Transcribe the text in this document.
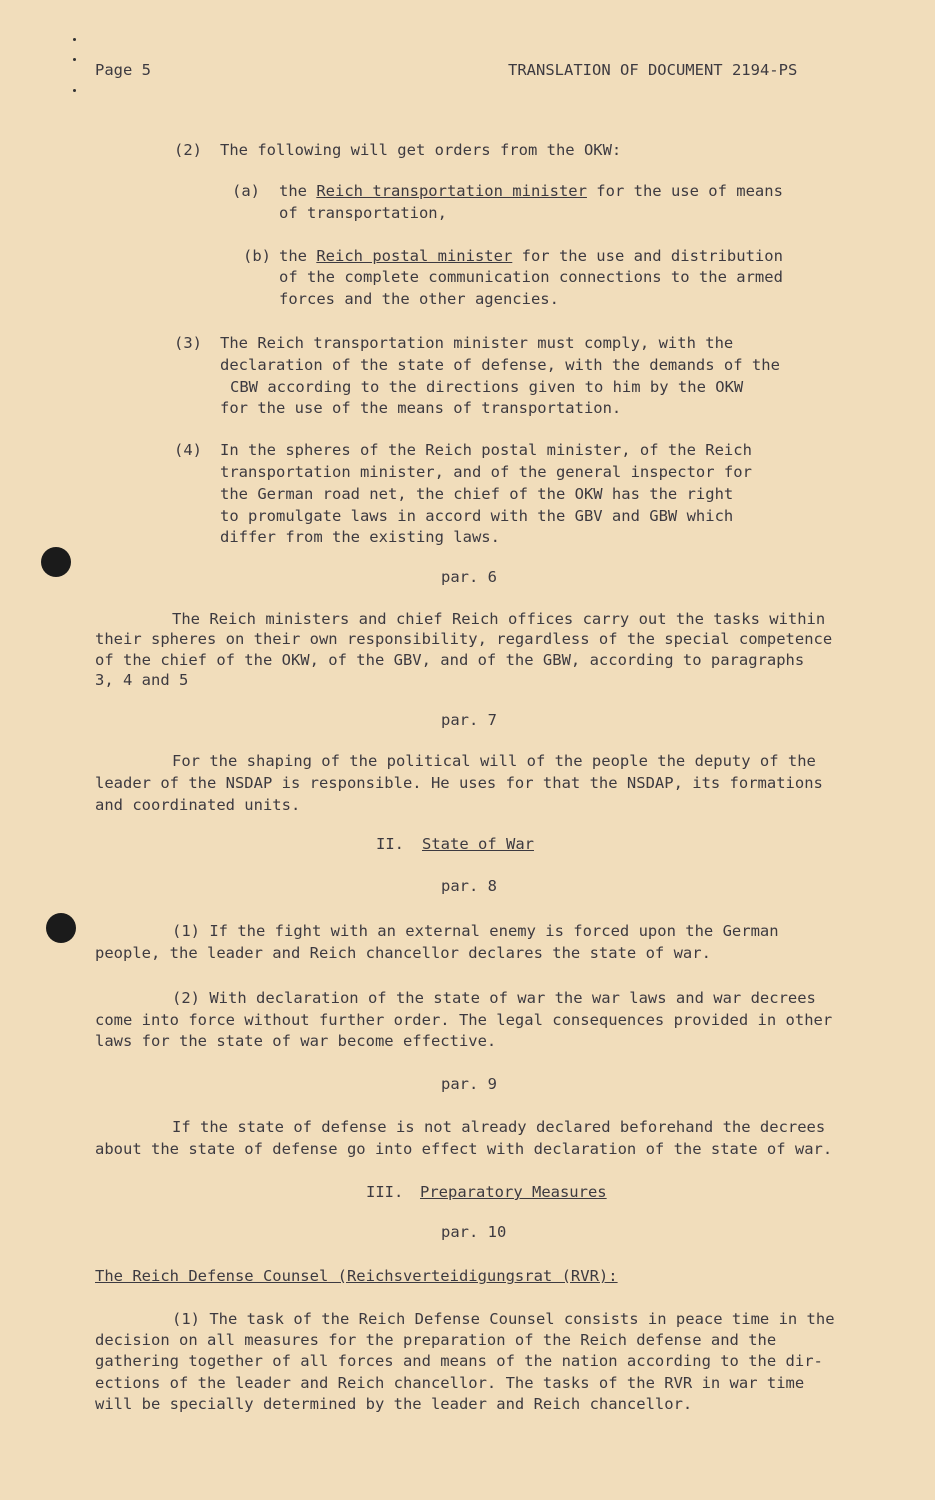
Page 5	TRANSLATION OF DOCUMENT 2194-PS

(2) The following will get orders from the OKW:

(a) the Reich transportation minister for the use of means

of transportation,

(b) the Reich postal minister for the use and distribution

of the complete communication connections to the armed

forces and the other agencies.

(3) The Reich transportation minister must comply, with the

declaration of the state of defense, with the demands of the

CBW according to the directions given to him by the OKW

for the use of the means of transportation.

(4) In the spheres of the Reich postal minister, of the Reich

transportation minister, and of the general inspector for

the German road net, the chief of the OKW has the right

to promulgate laws in accord with the GBV and GBW which

differ from the existing laws.

par. 6

The Reich ministers and chief Reich offices carry out the tasks within

their spheres on their own responsibility, regardless of the special competence

of the chief of the OKW, of the GBV, and of the GBW, according to paragraphs

3, 4 and 5

par. 7

For the shaping of the political will of the people the deputy of the

leader of the NSDAP is responsible. He uses for that the NSDAP, its formations

and coordinated units.

II. State of War

par. 8

(1) If the fight with an external enemy is forced upon the German

people, the leader and Reich chancellor declares the state of war.

(2) With declaration of the state of war the war laws and war decrees

come into force without further order. The legal consequences provided in other

laws for the state of war become effective.

par. 9

If the state of defense is not already declared beforehand the decrees

about the state of defense go into effect with declaration of the state of war.

III. Preparatory Measures

par. 10

The Reich Defense Counsel (Reichsverteidigungsrat (RVR):

(1) The task of the Reich Defense Counsel consists in peace time in the

decision on all measures for the preparation of the Reich defense and the

gathering together of all forces and means of the nation according to the dir-

ections of the leader and Reich chancellor. The tasks of the RVR in war time

will be specially determined by the leader and Reich chancellor.
